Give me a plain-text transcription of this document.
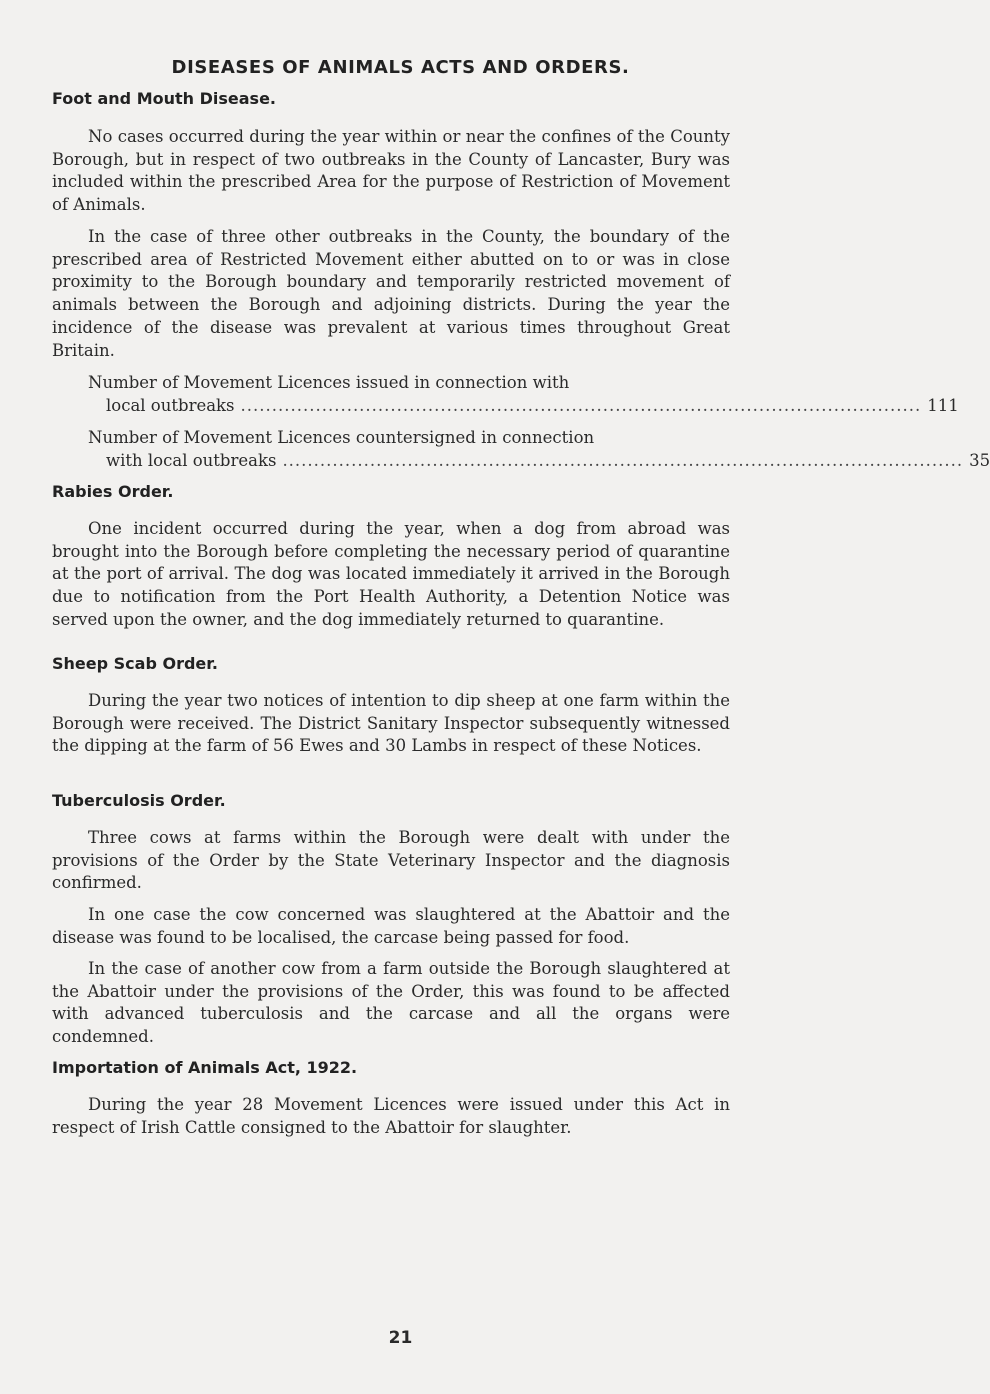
DISEASES OF ANIMALS ACTS AND ORDERS.
Foot and Mouth Disease.

No cases occurred during the year within or near the confines of the County Borough, but in respect of two outbreaks in the County of Lancaster, Bury was included within the prescribed Area for the purpose of Restriction of Movement of Animals.

In the case of three other outbreaks in the County, the boundary of the prescribed area of Restricted Movement either abutted on to or was in close proximity to the Borough boundary and temporarily restricted movement of animals between the Borough and adjoining districts. During the year the incidence of the disease was prevalent at various times throughout Great Britain.

Number of Movement Licences issued in connection with
local outbreaks ............................................................................................................. 111
Number of Movement Licences countersigned in connection
with local outbreaks ............................................................................................................. 35
Rabies Order.

One incident occurred during the year, when a dog from abroad was brought into the Borough before completing the necessary period of quarantine at the port of arrival. The dog was located immediately it arrived in the Borough due to notification from the Port Health Authority, a Detention Notice was served upon the owner, and the dog immediately returned to quarantine.

Sheep Scab Order.

During the year two notices of intention to dip sheep at one farm within the Borough were received. The District Sanitary Inspector subsequently witnessed the dipping at the farm of 56 Ewes and 30 Lambs in respect of these Notices.

Tuberculosis Order.

Three cows at farms within the Borough were dealt with under the provisions of the Order by the State Veterinary Inspector and the diagnosis confirmed.

In one case the cow concerned was slaughtered at the Abattoir and the disease was found to be localised, the carcase being passed for food.

In the case of another cow from a farm outside the Borough slaughtered at the Abattoir under the provisions of the Order, this was found to be affected with advanced tuberculosis and the carcase and all the organs were condemned.

Importation of Animals Act, 1922.

During the year 28 Movement Licences were issued under this Act in respect of Irish Cattle consigned to the Abattoir for slaughter.

21
